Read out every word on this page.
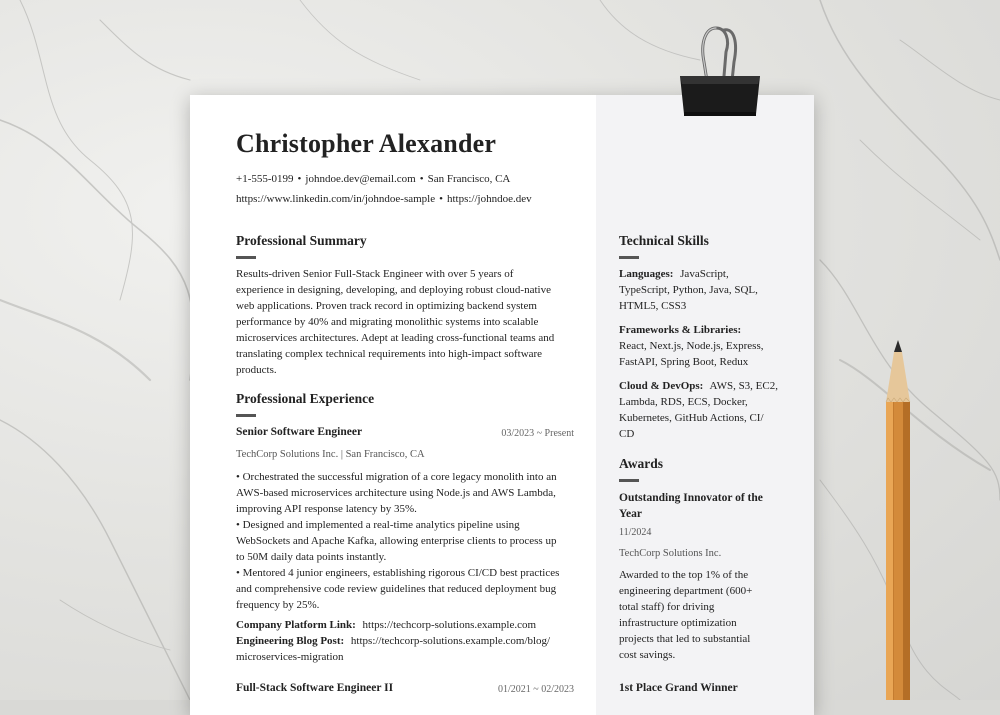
Christopher Alexander
+1-555-0199 • johndoe.dev@email.com • San Francisco, CA
https://www.linkedin.com/in/johndoe-sample • https://johndoe.dev
Professional Summary
Results-driven Senior Full-Stack Engineer with over 5 years of
experience in designing, developing, and deploying robust cloud-native
web applications. Proven track record in optimizing backend system
performance by 40% and migrating monolithic systems into scalable
microservices architectures. Adept at leading cross-functional teams and
translating complex technical requirements into high-impact software
products.
Professional Experience
Senior Software Engineer	03/2023 ~ Present
TechCorp Solutions Inc. | San Francisco, CA
• Orchestrated the successful migration of a core legacy monolith into an
AWS-based microservices architecture using Node.js and AWS Lambda,
improving API response latency by 35%.
• Designed and implemented a real-time analytics pipeline using
WebSockets and Apache Kafka, allowing enterprise clients to process up
to 50M daily data points instantly.
• Mentored 4 junior engineers, establishing rigorous CI/CD best practices
and comprehensive code review guidelines that reduced deployment bug
frequency by 25%.
Company Platform Link: https://techcorp-solutions.example.com
Engineering Blog Post: https://techcorp-solutions.example.com/blog/
microservices-migration
Full-Stack Software Engineer II	01/2021 ~ 02/2023
Technical Skills
Languages: JavaScript,
TypeScript, Python, Java, SQL,
HTML5, CSS3
Frameworks & Libraries:
React, Next.js, Node.js, Express,
FastAPI, Spring Boot, Redux
Cloud & DevOps: AWS, S3, EC2,
Lambda, RDS, ECS, Docker,
Kubernetes, GitHub Actions, CI/
CD
Awards
Outstanding Innovator of the
Year
11/2024
TechCorp Solutions Inc.
Awarded to the top 1% of the
engineering department (600+
total staff) for driving
infrastructure optimization
projects that led to substantial
cost savings.
1st Place Grand Winner
